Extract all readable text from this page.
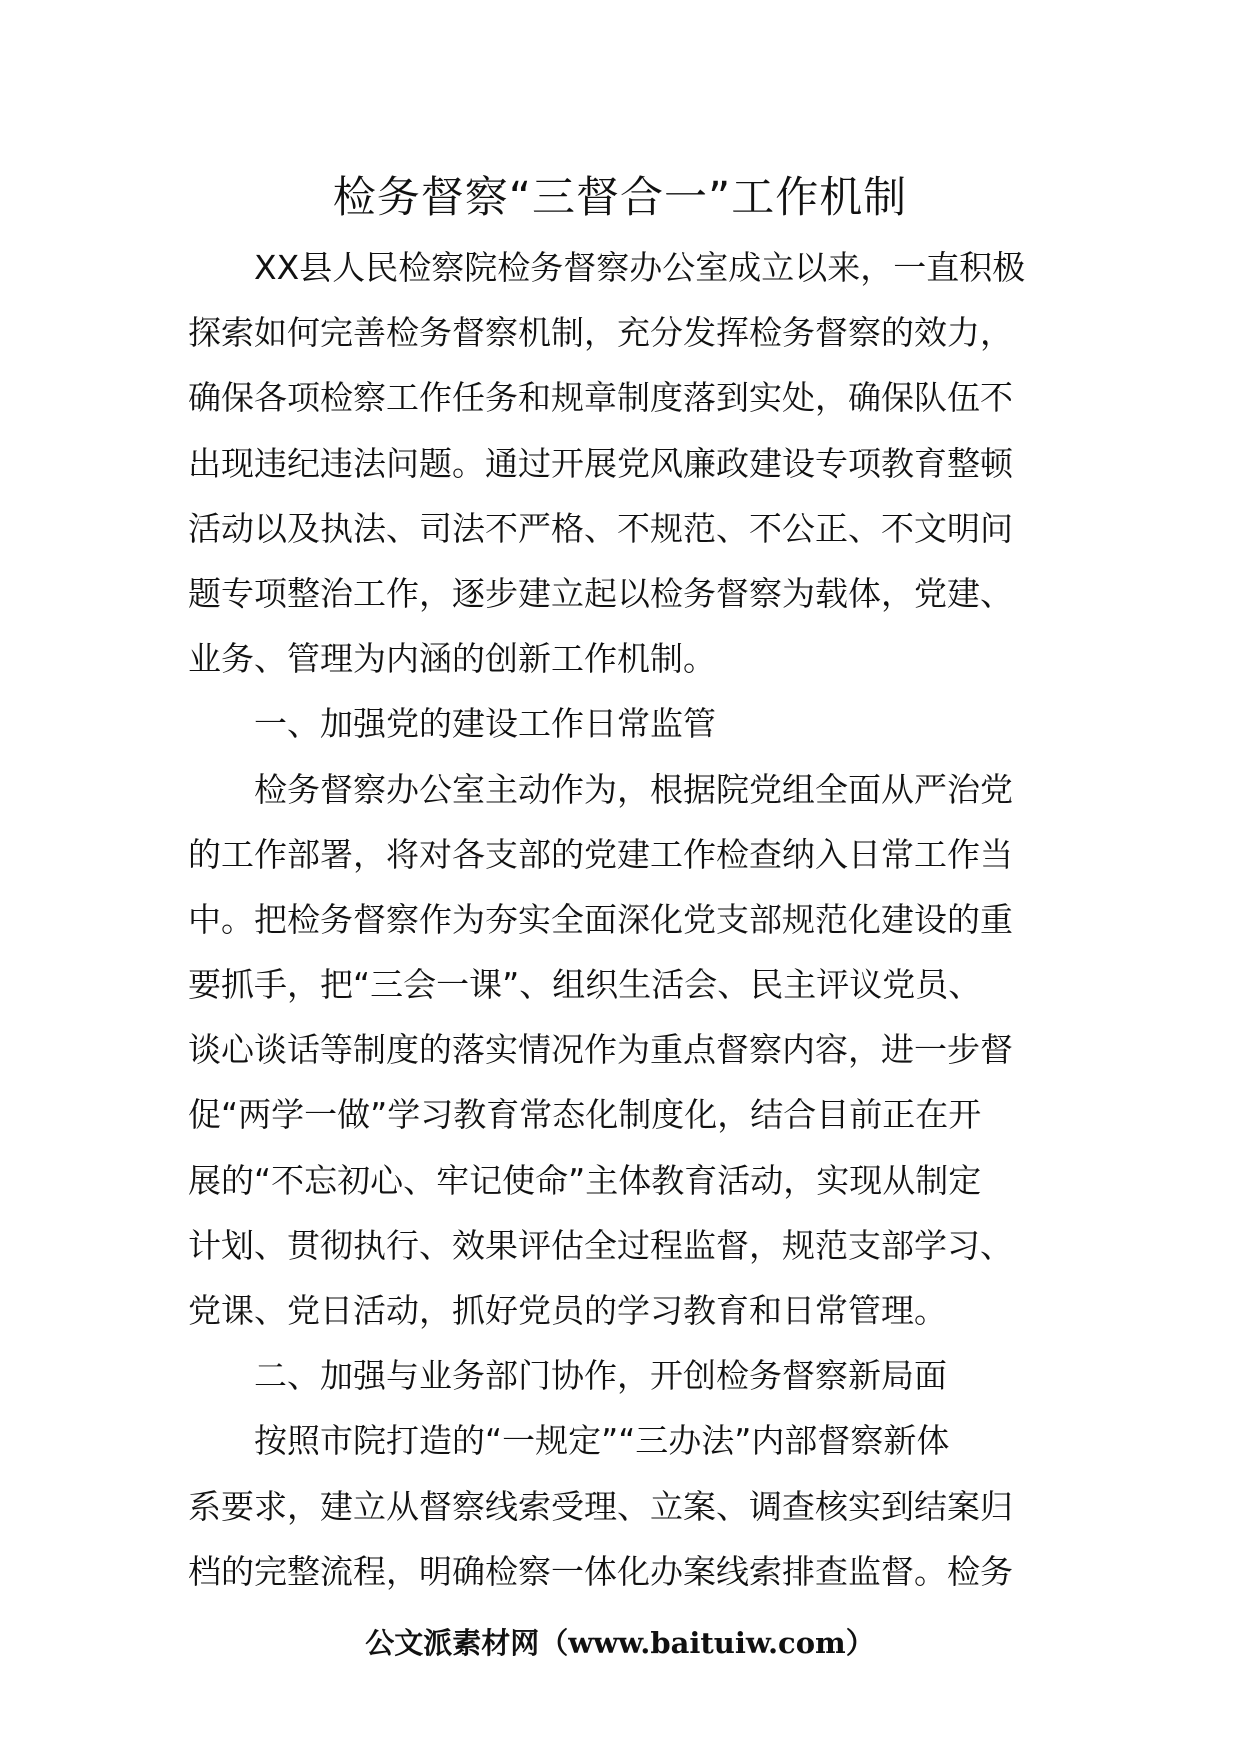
检务督察“三督合一”工作机制
XX县人民检察院检务督察办公室成立以来，一直积极
探索如何完善检务督察机制，充分发挥检务督察的效力，
确保各项检察工作任务和规章制度落到实处，确保队伍不
出现违纪违法问题。通过开展党风廉政建设专项教育整顿
活动以及执法、司法不严格、不规范、不公正、不文明问
题专项整治工作，逐步建立起以检务督察为载体，党建、
业务、管理为内涵的创新工作机制。
一、加强党的建设工作日常监管
检务督察办公室主动作为，根据院党组全面从严治党
的工作部署，将对各支部的党建工作检查纳入日常工作当
中。把检务督察作为夯实全面深化党支部规范化建设的重
要抓手，把“三会一课”、组织生活会、民主评议党员、
谈心谈话等制度的落实情况作为重点督察内容，进一步督
促“两学一做”学习教育常态化制度化，结合目前正在开
展的“不忘初心、牢记使命”主体教育活动，实现从制定
计划、贯彻执行、效果评估全过程监督，规范支部学习、
党课、党日活动，抓好党员的学习教育和日常管理。
二、加强与业务部门协作，开创检务督察新局面
按照市院打造的“一规定”“三办法”内部督察新体
系要求，建立从督察线索受理、立案、调查核实到结案归
档的完整流程，明确检察一体化办案线索排查监督。检务
公文派素材网（www.baituiw.com）
